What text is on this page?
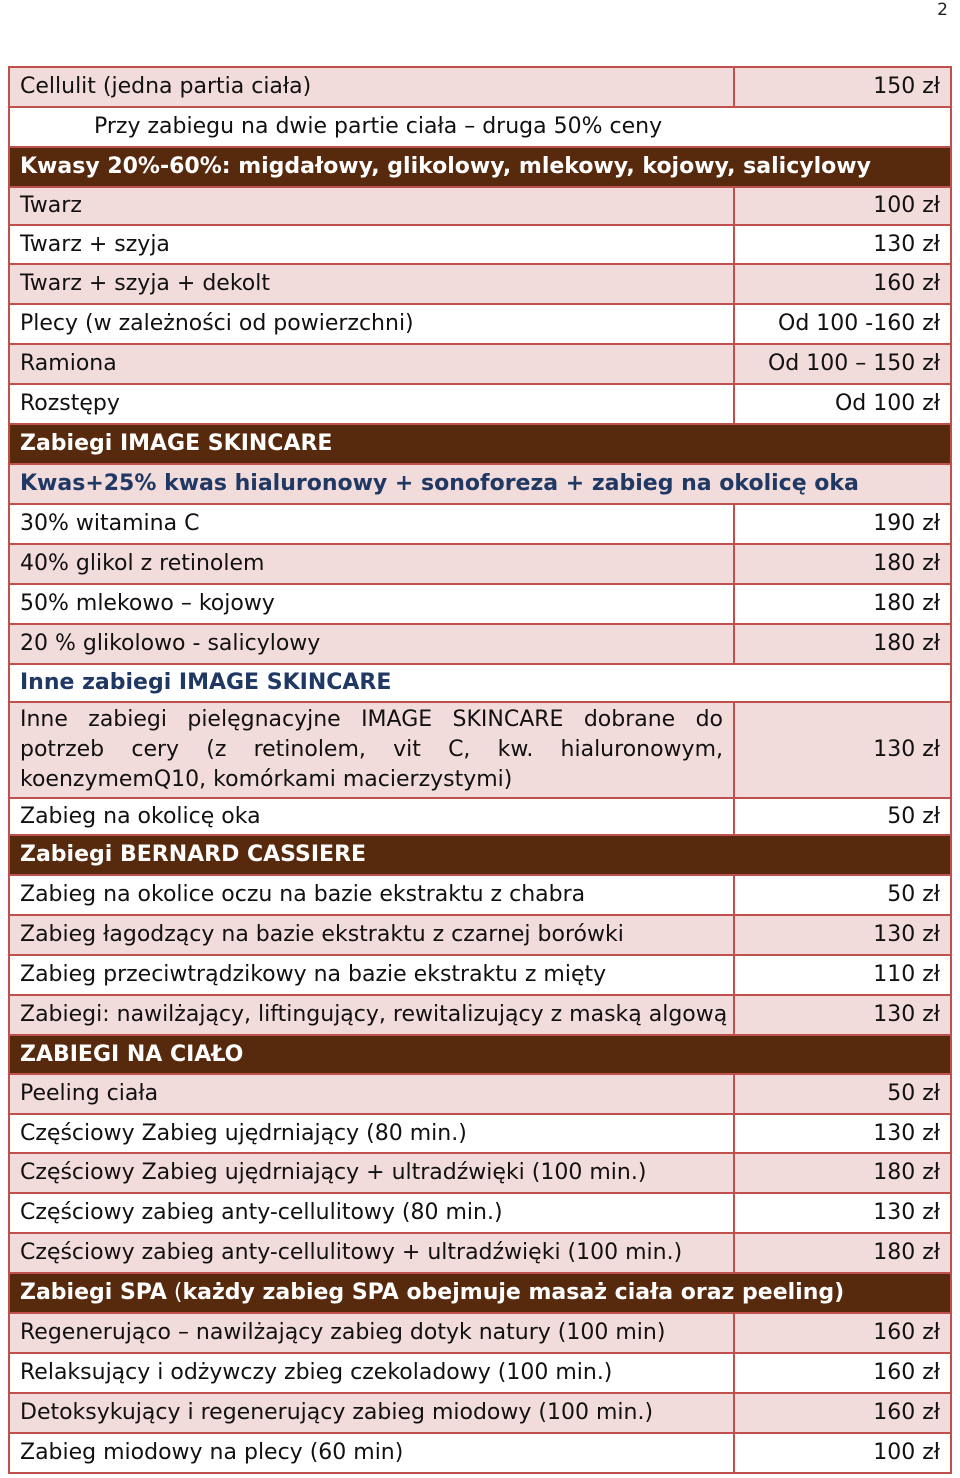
2
Cellulit (jedna partia ciała)	150 zł
Przy zabiegu na dwie partie ciała – druga 50% ceny	
Kwasy 20%-60%: migdałowy, glikolowy, mlekowy, kojowy, salicylowy	
Twarz	100 zł
Twarz + szyja	130 zł
Twarz + szyja + dekolt	160 zł
Plecy (w zależności od powierzchni)	Od 100 -160 zł
Ramiona	Od 100 – 150 zł
Rozstępy	Od 100 zł
Zabiegi IMAGE SKINCARE	
Kwas+25% kwas hialuronowy + sonoforeza + zabieg na okolicę oka	
30% witamina C	190 zł
40% glikol z retinolem	180 zł
50% mlekowo – kojowy	180 zł
20 % glikolowo - salicylowy	180 zł
Inne zabiegi IMAGE SKINCARE	
Inne zabiegi pielęgnacyjne IMAGE SKINCARE dobrane do potrzeb cery (z retinolem, vit C, kw. hialuronowym, koenzymemQ10, komórkami macierzystymi)	130 zł
Zabieg na okolicę oka	50 zł
Zabiegi BERNARD CASSIERE	
Zabieg na okolice oczu na bazie ekstraktu z chabra	50 zł
Zabieg łagodzący na bazie ekstraktu z czarnej borówki	130 zł
Zabieg przeciwtrądzikowy na bazie ekstraktu z mięty	110 zł
Zabiegi: nawilżający, liftingujący, rewitalizujący z maską algową	130 zł
ZABIEGI NA CIAŁO	
Peeling ciała	50 zł
Częściowy Zabieg ujędrniający (80 min.)	130 zł
Częściowy Zabieg ujędrniający + ultradźwięki (100 min.)	180 zł
Częściowy zabieg anty-cellulitowy (80 min.)	130 zł
Częściowy zabieg anty-cellulitowy + ultradźwięki (100 min.)	180 zł
Zabiegi SPA (każdy zabieg SPA obejmuje masaż ciała oraz peeling)	
Regenerująco – nawilżający zabieg dotyk natury (100 min)	160 zł
Relaksujący i odżywczy zbieg czekoladowy (100 min.)	160 zł
Detoksykujący i regenerujący zabieg miodowy (100 min.)	160 zł
Zabieg miodowy na plecy (60 min)	100 zł
